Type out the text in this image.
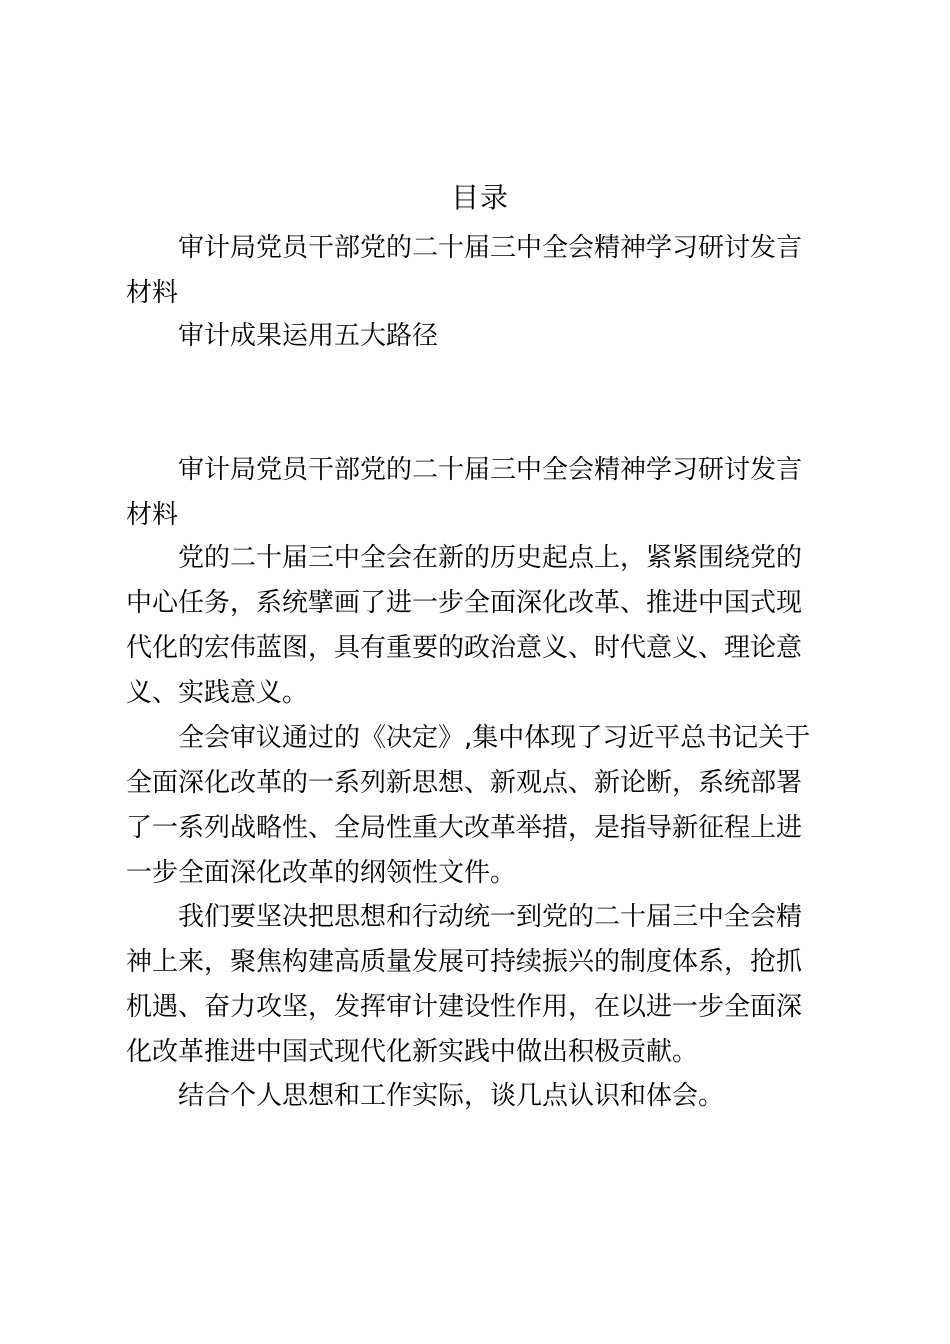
目录
审计局党员干部党的二十届三中全会精神学习研讨发言材料
审计成果运用五大路径
审计局党员干部党的二十届三中全会精神学习研讨发言材料
党的二十届三中全会在新的历史起点上，紧紧围绕党的中心任务，系统擘画了进一步全面深化改革、推进中国式现代化的宏伟蓝图，具有重要的政治意义、时代意义、理论意义、实践意义。
全会审议通过的《决定》,集中体现了习近平总书记关于全面深化改革的一系列新思想、新观点、新论断，系统部署了一系列战略性、全局性重大改革举措，是指导新征程上进一步全面深化改革的纲领性文件。
我们要坚决把思想和行动统一到党的二十届三中全会精神上来，聚焦构建高质量发展可持续振兴的制度体系，抢抓机遇、奋力攻坚，发挥审计建设性作用，在以进一步全面深化改革推进中国式现代化新实践中做出积极贡献。
结合个人思想和工作实际，谈几点认识和体会。
